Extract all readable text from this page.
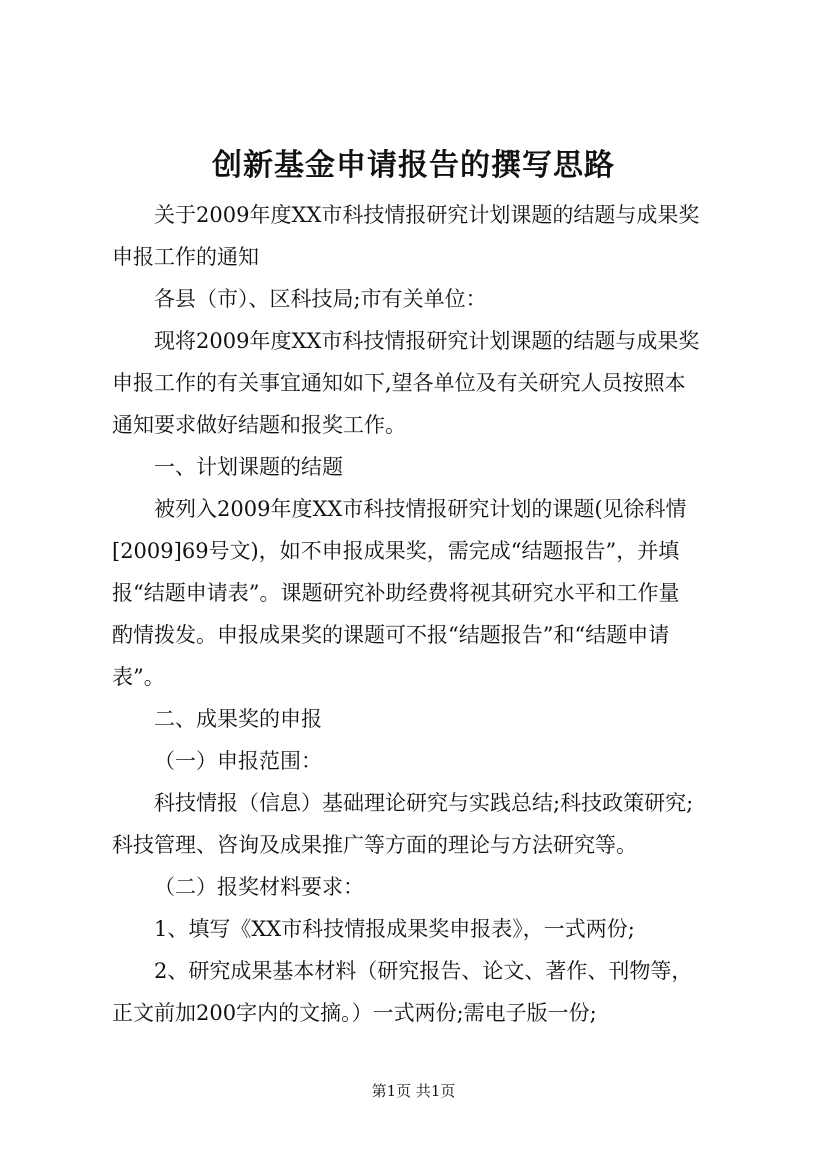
创新基金申请报告的撰写思路

关于2009年度XX市科技情报研究计划课题的结题与成果奖

申报工作的通知

各县（市）、区科技局;市有关单位：

现将2009年度XX市科技情报研究计划课题的结题与成果奖

申报工作的有关事宜通知如下,望各单位及有关研究人员按照本

通知要求做好结题和报奖工作。

一、计划课题的结题

被列入2009年度XX市科技情报研究计划的课题(见徐科情

[2009]69号文)，如不申报成果奖，需完成“结题报告”，并填

报“结题申请表”。课题研究补助经费将视其研究水平和工作量

酌情拨发。申报成果奖的课题可不报“结题报告”和“结题申请

表”。

二、成果奖的申报

（一）申报范围：

科技情报（信息）基础理论研究与实践总结;科技政策研究;

科技管理、咨询及成果推广等方面的理论与方法研究等。

（二）报奖材料要求：

1、填写《XX市科技情报成果奖申报表》，一式两份;

2、研究成果基本材料（研究报告、论文、著作、刊物等，

正文前加200字内的文摘。）一式两份;需电子版一份;

第1页 共1页
